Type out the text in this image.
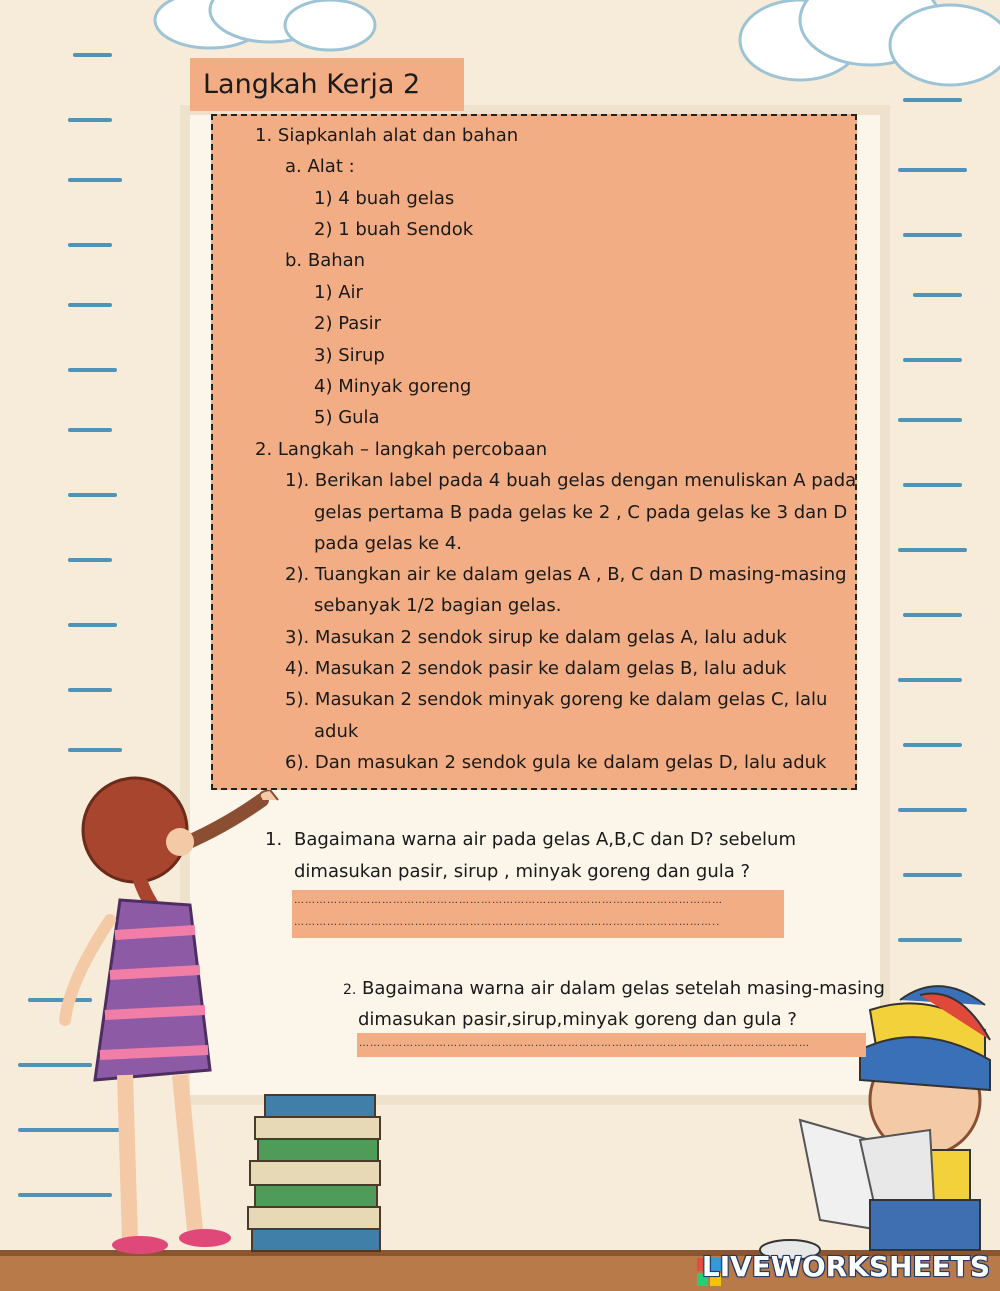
Langkah Kerja 2
1. Siapkanlah alat dan bahan
a. Alat :
1) 4 buah gelas
2) 1 buah Sendok
b. Bahan
1) Air
2) Pasir
3) Sirup
4) Minyak goreng
5) Gula
2. Langkah – langkah percobaan
1). Berikan label pada 4 buah gelas dengan menuliskan A pada
gelas pertama B pada gelas ke 2 , C pada gelas ke 3 dan D
pada gelas ke 4.
2). Tuangkan air ke dalam gelas A , B, C dan D masing-masing
sebanyak 1/2 bagian gelas.
3). Masukan 2 sendok sirup ke dalam gelas A, lalu aduk
4). Masukan 2 sendok pasir ke dalam gelas B, lalu aduk
5). Masukan 2 sendok minyak goreng ke dalam gelas C, lalu
aduk
6). Dan masukan 2 sendok gula ke dalam gelas D, lalu aduk
1. Bagaimana warna air pada gelas A,B,C dan D? sebelum
dimasukan pasir, sirup , minyak goreng dan gula ?
………………………………………………………………………………………………………
……………………………………………………………………………………………………..
2. Bagaimana warna air dalam gelas setelah masing-masing
dimasukan pasir,sirup,minyak goreng dan gula ?
……………………………………………………………………………………………………………
LIVEWORKSHEETS
